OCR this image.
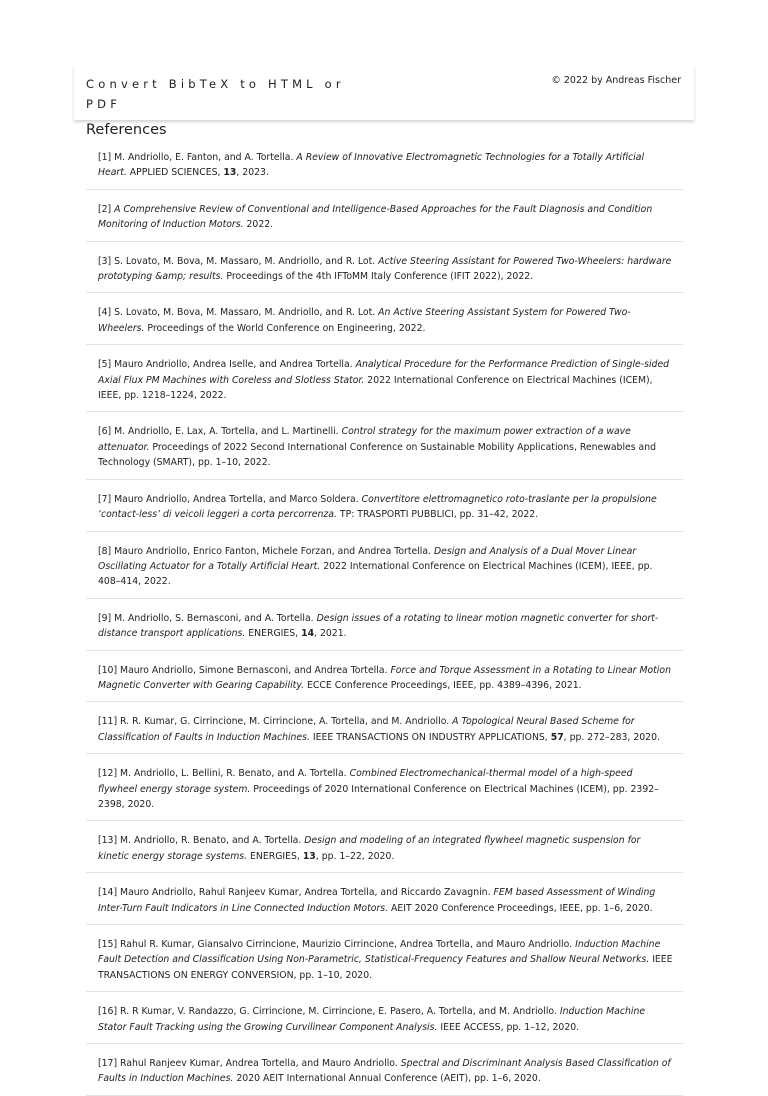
Convert BibTeX to HTML or PDF
© 2022 by Andreas Fischer
References
[1] M. Andriollo, E. Fanton, and A. Tortella. A Review of Innovative Electromagnetic Technologies for a Totally Artificial Heart. APPLIED SCIENCES, 13, 2023.
[2] A Comprehensive Review of Conventional and Intelligence-Based Approaches for the Fault Diagnosis and Condition Monitoring of Induction Motors. 2022.
[3] S. Lovato, M. Bova, M. Massaro, M. Andriollo, and R. Lot. Active Steering Assistant for Powered Two-Wheelers: hardware prototyping &amp; results. Proceedings of the 4th IFToMM Italy Conference (IFIT 2022), 2022.
[4] S. Lovato, M. Bova, M. Massaro, M. Andriollo, and R. Lot. An Active Steering Assistant System for Powered Two-Wheelers. Proceedings of the World Conference on Engineering, 2022.
[5] Mauro Andriollo, Andrea Iselle, and Andrea Tortella. Analytical Procedure for the Performance Prediction of Single-sided Axial Flux PM Machines with Coreless and Slotless Stator. 2022 International Conference on Electrical Machines (ICEM), IEEE, pp. 1218–1224, 2022.
[6] M. Andriollo, E. Lax, A. Tortella, and L. Martinelli. Control strategy for the maximum power extraction of a wave attenuator. Proceedings of 2022 Second International Conference on Sustainable Mobility Applications, Renewables and Technology (SMART), pp. 1–10, 2022.
[7] Mauro Andriollo, Andrea Tortella, and Marco Soldera. Convertitore elettromagnetico roto-traslante per la propulsione ‘contact-less’ di veicoli leggeri a corta percorrenza. TP: TRASPORTI PUBBLICI, pp. 31–42, 2022.
[8] Mauro Andriollo, Enrico Fanton, Michele Forzan, and Andrea Tortella. Design and Analysis of a Dual Mover Linear Oscillating Actuator for a Totally Artificial Heart. 2022 International Conference on Electrical Machines (ICEM), IEEE, pp. 408–414, 2022.
[9] M. Andriollo, S. Bernasconi, and A. Tortella. Design issues of a rotating to linear motion magnetic converter for short-distance transport applications. ENERGIES, 14, 2021.
[10] Mauro Andriollo, Simone Bernasconi, and Andrea Tortella. Force and Torque Assessment in a Rotating to Linear Motion Magnetic Converter with Gearing Capability. ECCE Conference Proceedings, IEEE, pp. 4389–4396, 2021.
[11] R. R. Kumar, G. Cirrincione, M. Cirrincione, A. Tortella, and M. Andriollo. A Topological Neural Based Scheme for Classification of Faults in Induction Machines. IEEE TRANSACTIONS ON INDUSTRY APPLICATIONS, 57, pp. 272–283, 2020.
[12] M. Andriollo, L. Bellini, R. Benato, and A. Tortella. Combined Electromechanical-thermal model of a high-speed flywheel energy storage system. Proceedings of 2020 International Conference on Electrical Machines (ICEM), pp. 2392–2398, 2020.
[13] M. Andriollo, R. Benato, and A. Tortella. Design and modeling of an integrated flywheel magnetic suspension for kinetic energy storage systems. ENERGIES, 13, pp. 1–22, 2020.
[14] Mauro Andriollo, Rahul Ranjeev Kumar, Andrea Tortella, and Riccardo Zavagnin. FEM based Assessment of Winding Inter-Turn Fault Indicators in Line Connected Induction Motors. AEIT 2020 Conference Proceedings, IEEE, pp. 1–6, 2020.
[15] Rahul R. Kumar, Giansalvo Cirrincione, Maurizio Cirrincione, Andrea Tortella, and Mauro Andriollo. Induction Machine Fault Detection and Classification Using Non-Parametric, Statistical-Frequency Features and Shallow Neural Networks. IEEE TRANSACTIONS ON ENERGY CONVERSION, pp. 1–10, 2020.
[16] R. R Kumar, V. Randazzo, G. Cirrincione, M. Cirrincione, E. Pasero, A. Tortella, and M. Andriollo. Induction Machine Stator Fault Tracking using the Growing Curvilinear Component Analysis. IEEE ACCESS, pp. 1–12, 2020.
[17] Rahul Ranjeev Kumar, Andrea Tortella, and Mauro Andriollo. Spectral and Discriminant Analysis Based Classification of Faults in Induction Machines. 2020 AEIT International Annual Conference (AEIT), pp. 1–6, 2020.
